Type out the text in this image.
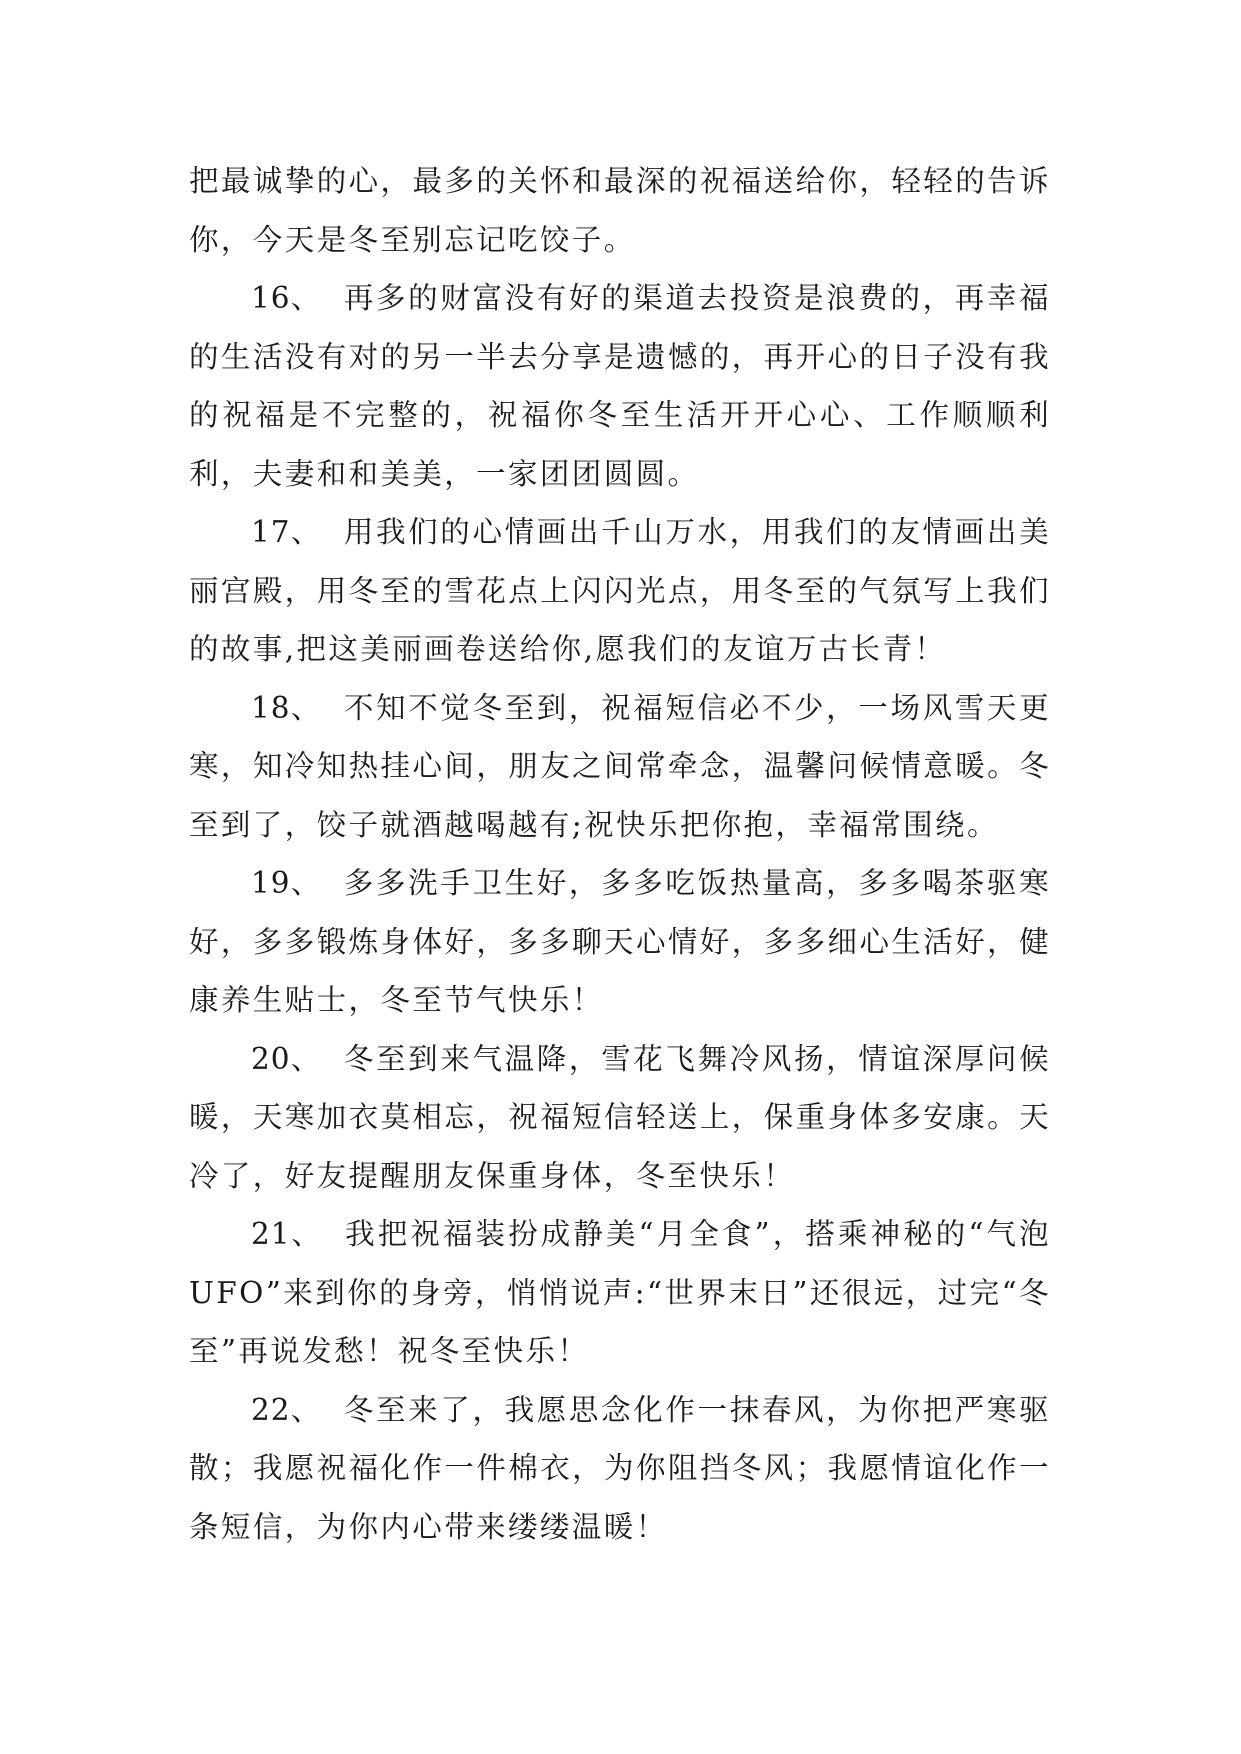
把最诚挚的心，最多的关怀和最深的祝福送给你，轻轻的告诉你，今天是冬至别忘记吃饺子。

16、 再多的财富没有好的渠道去投资是浪费的，再幸福的生活没有对的另一半去分享是遗憾的，再开心的日子没有我的祝福是不完整的，祝福你冬至生活开开心心、工作顺顺利利，夫妻和和美美，一家团团圆圆。

17、 用我们的心情画出千山万水，用我们的友情画出美丽宫殿，用冬至的雪花点上闪闪光点，用冬至的气氛写上我们的故事,把这美丽画卷送给你,愿我们的友谊万古长青！

18、 不知不觉冬至到，祝福短信必不少，一场风雪天更寒，知冷知热挂心间，朋友之间常牵念，温馨问候情意暖。冬至到了，饺子就酒越喝越有;祝快乐把你抱，幸福常围绕。

19、 多多洗手卫生好，多多吃饭热量高，多多喝茶驱寒好，多多锻炼身体好，多多聊天心情好，多多细心生活好，健康养生贴士，冬至节气快乐！

20、 冬至到来气温降，雪花飞舞冷风扬，情谊深厚问候暖，天寒加衣莫相忘，祝福短信轻送上，保重身体多安康。天冷了，好友提醒朋友保重身体，冬至快乐！

21、 我把祝福装扮成静美“月全食”，搭乘神秘的“气泡UFO”来到你的身旁，悄悄说声:“世界末日”还很远，过完“冬至”再说发愁！祝冬至快乐！

22、 冬至来了，我愿思念化作一抹春风，为你把严寒驱散；我愿祝福化作一件棉衣，为你阻挡冬风；我愿情谊化作一条短信，为你内心带来缕缕温暖！
